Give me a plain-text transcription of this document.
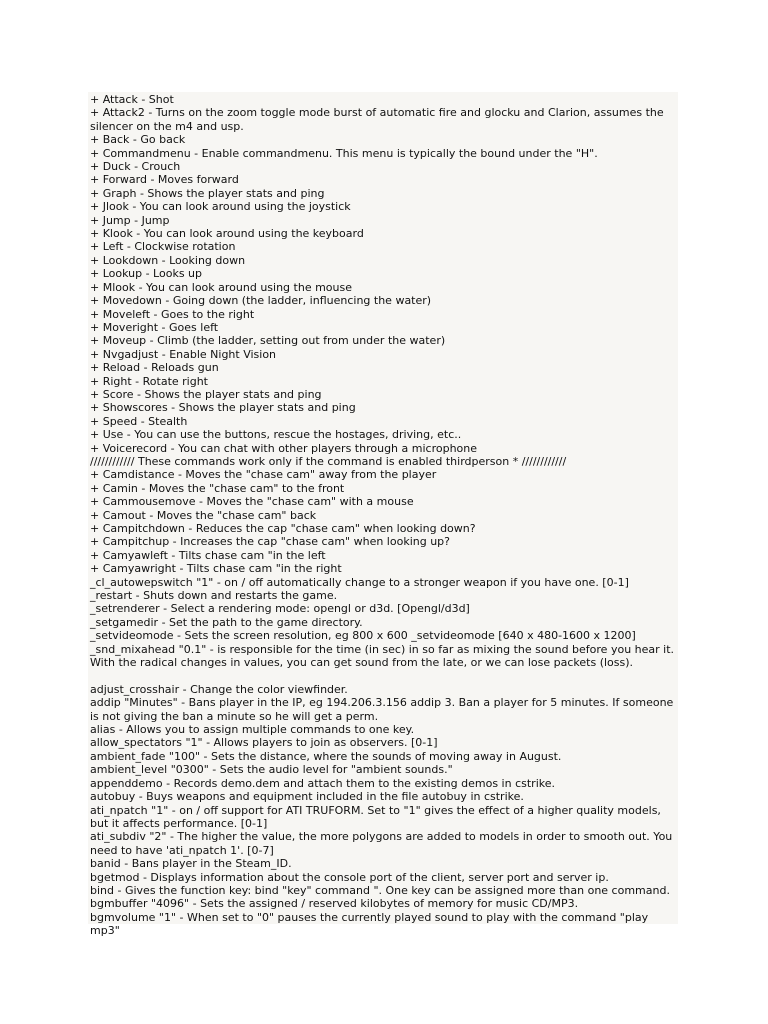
+ Attack - Shot
+ Attack2 - Turns on the zoom toggle mode burst of automatic fire and glocku and Clarion, assumes the silencer on the m4 and usp.
+ Back - Go back
+ Commandmenu - Enable commandmenu. This menu is typically the bound under the "H".
+ Duck - Crouch
+ Forward - Moves forward
+ Graph - Shows the player stats and ping
+ Jlook - You can look around using the joystick
+ Jump - Jump
+ Klook - You can look around using the keyboard
+ Left - Clockwise rotation
+ Lookdown - Looking down
+ Lookup - Looks up
+ Mlook - You can look around using the mouse
+ Movedown - Going down (the ladder, influencing the water)
+ Moveleft - Goes to the right
+ Moveright - Goes left
+ Moveup - Climb (the ladder, setting out from under the water)
+ Nvgadjust - Enable Night Vision
+ Reload - Reloads gun
+ Right - Rotate right
+ Score - Shows the player stats and ping
+ Showscores - Shows the player stats and ping
+ Speed - Stealth
+ Use - You can use the buttons, rescue the hostages, driving, etc..
+ Voicerecord - You can chat with other players through a microphone
//////////// These commands work only if the command is enabled thirdperson * ////////////
+ Camdistance - Moves the "chase cam" away from the player
+ Camin - Moves the "chase cam" to the front
+ Cammousemove - Moves the "chase cam" with a mouse
+ Camout - Moves the "chase cam" back
+ Campitchdown - Reduces the cap "chase cam" when looking down?
+ Campitchup - Increases the cap "chase cam" when looking up?
+ Camyawleft - Tilts chase cam "in the left
+ Camyawright - Tilts chase cam "in the right
_cl_autowepswitch "1" - on / off automatically change to a stronger weapon if you have one. [0-1]
_restart - Shuts down and restarts the game.
_setrenderer - Select a rendering mode: opengl or d3d. [Opengl/d3d]
_setgamedir - Set the path to the game directory.
_setvideomode - Sets the screen resolution, eg 800 x 600 _setvideomode [640 x 480-1600 x 1200]
_snd_mixahead "0.1" - is responsible for the time (in sec) in so far as mixing the sound before you hear it. With the radical changes in values, you can get sound from the late, or we can lose packets (loss).
adjust_crosshair - Change the color viewfinder.
addip "Minutes" - Bans player in the IP, eg 194.206.3.156 addip 3. Ban a player for 5 minutes. If someone is not giving the ban a minute so he will get a perm.
alias - Allows you to assign multiple commands to one key.
allow_spectators "1" - Allows players to join as observers. [0-1]
ambient_fade "100" - Sets the distance, where the sounds of moving away in August.
ambient_level "0300" - Sets the audio level for "ambient sounds."
appenddemo - Records demo.dem and attach them to the existing demos in cstrike.
autobuy - Buys weapons and equipment included in the file autobuy in cstrike.
ati_npatch "1" - on / off support for ATI TRUFORM. Set to "1" gives the effect of a higher quality models, but it affects performance. [0-1]
ati_subdiv "2" - The higher the value, the more polygons are added to models in order to smooth out. You need to have 'ati_npatch 1'. [0-7]
banid - Bans player in the Steam_ID.
bgetmod - Displays information about the console port of the client, server port and server ip.
bind - Gives the function key: bind "key" command ". One key can be assigned more than one command.
bgmbuffer "4096" - Sets the assigned / reserved kilobytes of memory for music CD/MP3.
bgmvolume "1" - When set to "0" pauses the currently played sound to play with the command "play mp3"
